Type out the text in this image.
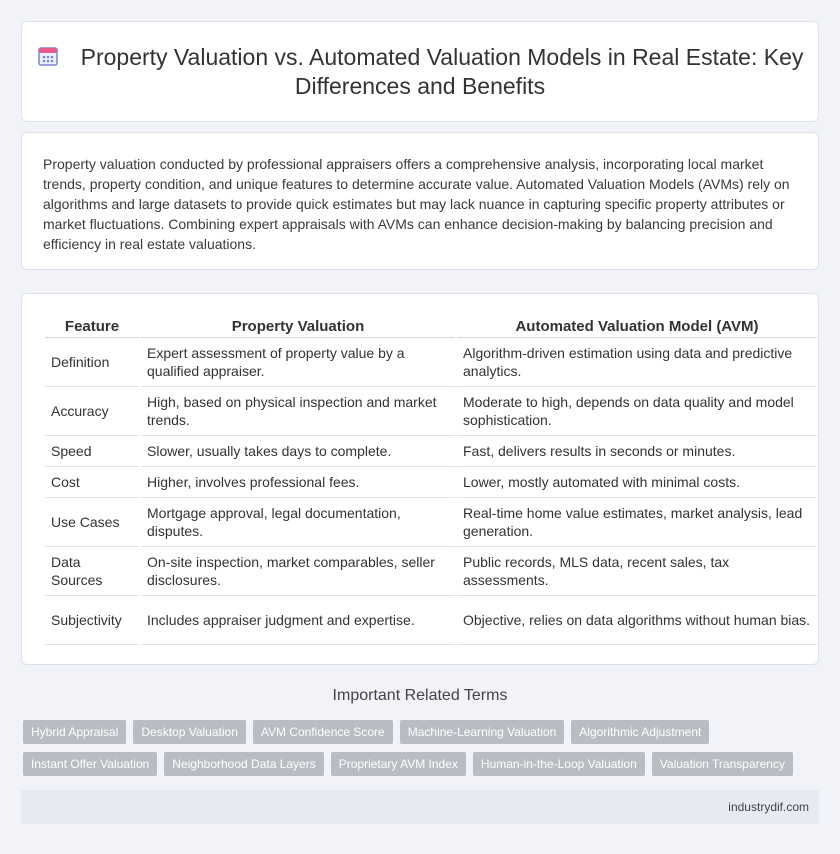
Property Valuation vs. Automated Valuation Models in Real Estate: Key Differences and Benefits

Property valuation conducted by professional appraisers offers a comprehensive analysis, incorporating local market trends, property condition, and unique features to determine accurate value. Automated Valuation Models (AVMs) rely on algorithms and large datasets to provide quick estimates but may lack nuance in capturing specific property attributes or market fluctuations. Combining expert appraisals with AVMs can enhance decision-making by balancing precision and efficiency in real estate valuations.

Feature	Property Valuation	Automated Valuation Model (AVM)
Definition	Expert assessment of property value by a qualified appraiser.	Algorithm-driven estimation using data and predictive analytics.
Accuracy	High, based on physical inspection and market trends.	Moderate to high, depends on data quality and model sophistication.
Speed	Slower, usually takes days to complete.	Fast, delivers results in seconds or minutes.
Cost	Higher, involves professional fees.	Lower, mostly automated with minimal costs.
Use Cases	Mortgage approval, legal documentation, disputes.	Real-time home value estimates, market analysis, lead generation.
Data Sources	On-site inspection, market comparables, seller disclosures.	Public records, MLS data, recent sales, tax assessments.
Subjectivity	Includes appraiser judgment and expertise.	Objective, relies on data algorithms without human bias.
Important Related Terms
Hybrid Appraisal	Desktop Valuation	AVM Confidence Score	Machine-Learning Valuation	Algorithmic Adjustment
Instant Offer Valuation	Neighborhood Data Layers	Proprietary AVM Index	Human-in-the-Loop Valuation	Valuation Transparency
industrydif.com
